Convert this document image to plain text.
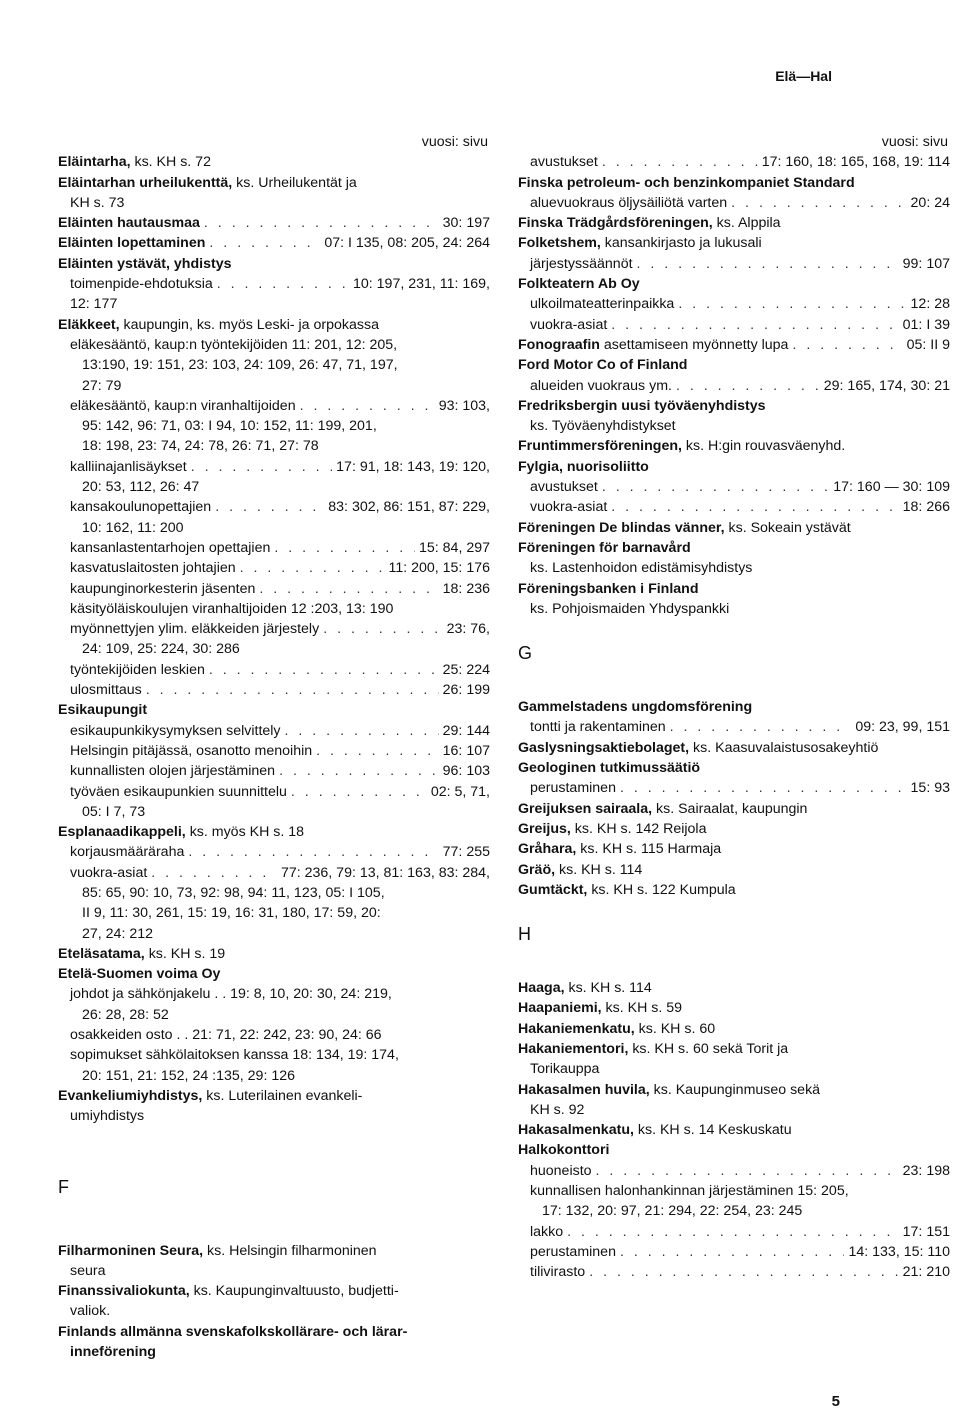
Elä—Hal
vuosi: sivu
Eläintarha, ks. KH s. 72
Eläintarhan urheilukenttä, ks. Urheilukentät ja
KH s. 73
Eläinten hautausmaa . . .	30: 197
Eläinten lopettaminen . . .	07: I 135, 08: 205, 24: 264
Eläinten ystävät, yhdistys
toimenpide-ehdotuksia . . .	10: 197, 231, 11: 169,
12: 177
Eläkkeet, kaupungin, ks. myös Leski- ja orpokassa
eläkesääntö, kaup:n työntekijöiden 11: 201, 12: 205,
13:190, 19: 151, 23: 103, 24: 109, 26: 47, 71, 197,
27: 79
eläkesääntö, kaup:n viranhaltijoiden . . .	93: 103,
95: 142, 96: 71, 03: I 94, 10: 152, 11: 199, 201,
18: 198, 23: 74, 24: 78, 26: 71, 27: 78
kalliinajanlisäykset . . .	17: 91, 18: 143, 19: 120,
20: 53, 112, 26: 47
kansakoulunopettajien . . .	83: 302, 86: 151, 87: 229,
10: 162, 11: 200
kansanlastentarhojen opettajien . . .	15: 84, 297
kasvatuslaitosten johtajien . . .	11: 200, 15: 176
kaupunginorkesterin jäsenten . . .	18: 236
käsityöläiskoulujen viranhaltijoiden 12 :203, 13: 190
myönnettyjen ylim. eläkkeiden järjestely . . .	23: 76,
24: 109, 25: 224, 30: 286
työntekijöiden leskien . . .	25: 224
ulosmittaus . . .	26: 199
Esikaupungit
esikaupunkikysymyksen selvittely . . .	29: 144
Helsingin pitäjässä, osanotto menoihin . . .	16: 107
kunnallisten olojen järjestäminen . . .	96: 103
työväen esikaupunkien suunnittelu . . .	02: 5, 71,
05: I 7, 73
Esplanaadikappeli, ks. myös KH s. 18
korjausmääräraha . . .	77: 255
vuokra-asiat . . .	77: 236, 79: 13, 81: 163, 83: 284,
85: 65, 90: 10, 73, 92: 98, 94: 11, 123, 05: I 105,
II 9, 11: 30, 261, 15: 19, 16: 31, 180, 17: 59, 20:
27, 24: 212
Eteläsatama, ks. KH s. 19
Etelä-Suomen voima Oy
johdot ja sähkönjakelu . . 19: 8, 10, 20: 30, 24: 219,
26: 28, 28: 52
osakkeiden osto . . 21: 71, 22: 242, 23: 90, 24: 66
sopimukset sähkölaitoksen kanssa 18: 134, 19: 174,
20: 151, 21: 152, 24 :135, 29: 126
Evankeliumiyhdistys, ks. Luterilainen evankeli-
umiyhdistys
F
Filharmoninen Seura, ks. Helsingin filharmoninen
seura
Finanssivaliokunta, ks. Kaupunginvaltuusto, budjetti-
valiok.
Finlands allmänna svenskafolkskollärare- och lärar-
inneförening
vuosi: sivu
avustukset . . .	17: 160, 18: 165, 168, 19: 114
Finska petroleum- och benzinkompaniet Standard
aluevuokraus öljysäiliötä varten . . .	20: 24
Finska Trädgårdsföreningen, ks. Alppila
Folketshem, kansankirjasto ja lukusali
järjestyssäännöt . . .	99: 107
Folkteatern Ab Oy
ulkoilmateatterinpaikka . . .	12: 28
vuokra-asiat . . .	01: I 39
Fonograafin asettamiseen myönnetty lupa . . .	05: II 9
Ford Motor Co of Finland
alueiden vuokraus ym. . . .	29: 165, 174, 30: 21
Fredriksbergin uusi työväenyhdistys
ks. Työväenyhdistykset
Fruntimmersföreningen, ks. H:gin rouvasväenyhd.
Fylgia, nuorisoliitto
avustukset . . .	17: 160 — 30: 109
vuokra-asiat . . .	18: 266
Föreningen De blindas vänner, ks. Sokeain ystävät
Föreningen för barnavård
ks. Lastenhoidon edistämisyhdistys
Föreningsbanken i Finland
ks. Pohjoismaiden Yhdyspankki
G
Gammelstadens ungdomsförening
tontti ja rakentaminen . . .	09: 23, 99, 151
Gaslysningsaktiebolaget, ks. Kaasuvalaistusosakeyhtiö
Geologinen tutkimussäätiö
perustaminen . . .	15: 93
Greijuksen sairaala, ks. Sairaalat, kaupungin
Greijus, ks. KH s. 142 Reijola
Gråhara, ks. KH s. 115 Harmaja
Gräö, ks. KH s. 114
Gumtäckt, ks. KH s. 122 Kumpula
H
Haaga, ks. KH s. 114
Haapaniemi, ks. KH s. 59
Hakaniemenkatu, ks. KH s. 60
Hakaniementori, ks. KH s. 60 sekä Torit ja
Torikauppa
Hakasalmen huvila, ks. Kaupunginmuseo sekä
KH s. 92
Hakasalmenkatu, ks. KH s. 14 Keskuskatu
Halkokonttori
huoneisto . . .	23: 198
kunnallisen halonhankinnan järjestäminen 15: 205,
17: 132, 20: 97, 21: 294, 22: 254, 23: 245
lakko . . .	17: 151
perustaminen . . .	14: 133, 15: 110
tilivirasto . . .	21: 210
5
